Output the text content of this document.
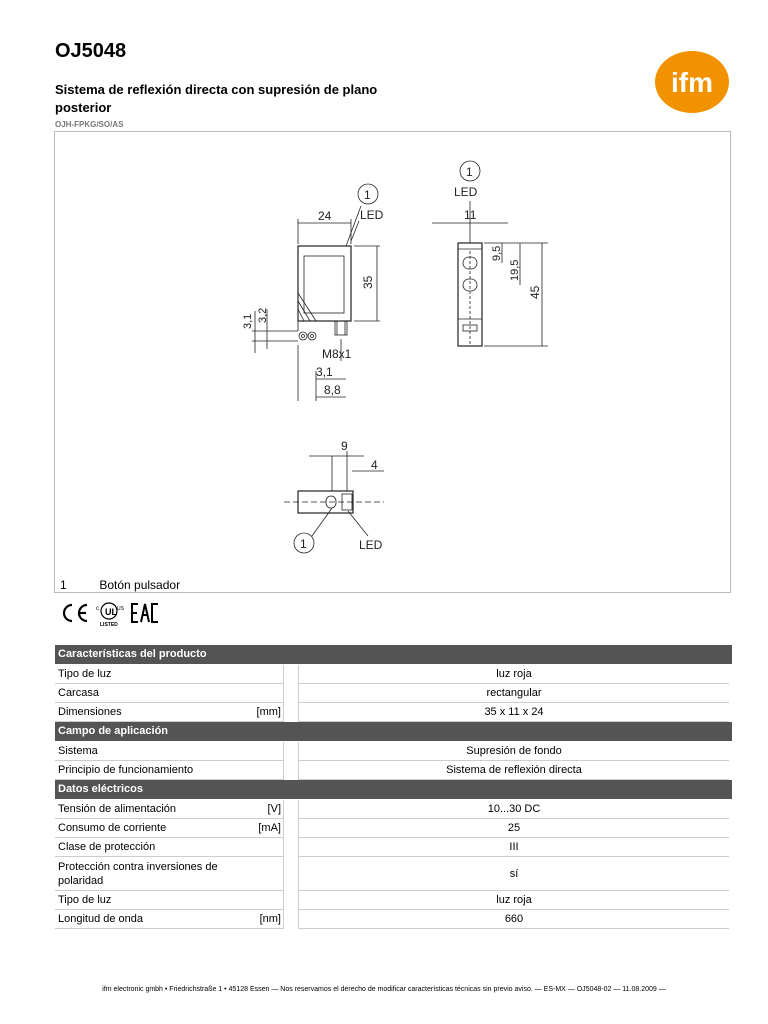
OJ5048
Sistema de reflexión directa con supresión de plano posterior
OJH-FPKG/SO/AS
ifm
24
35
3,1 3,2
M8x1
3,1
8,8
1
LED	11
1
LED
9,5
19,5
45
9
4
1	LED
1	Botón pulsador
UL
c	US
LISTED
Características del producto
Tipo de luz	luz roja
Carcasa	rectangular
Dimensiones	[mm]	35 x 11 x 24
Campo de aplicación
Sistema	Supresión de fondo
Principio de funcionamiento	Sistema de reflexión directa
Datos eléctricos
Tensión de alimentación	[V]	10...30 DC
Consumo de corriente	[mA]	25
Clase de protección	III
Protección contra inversiones de polaridad
sí
Tipo de luz	luz roja
Longitud de onda	[nm]	660
ifm electronic gmbh • Friedrichstraße 1 • 45128 Essen — Nos reservamos el derecho de modificar características técnicas sin previo aviso. — ES-MX — OJ5048-02 — 11.08.2009 —
